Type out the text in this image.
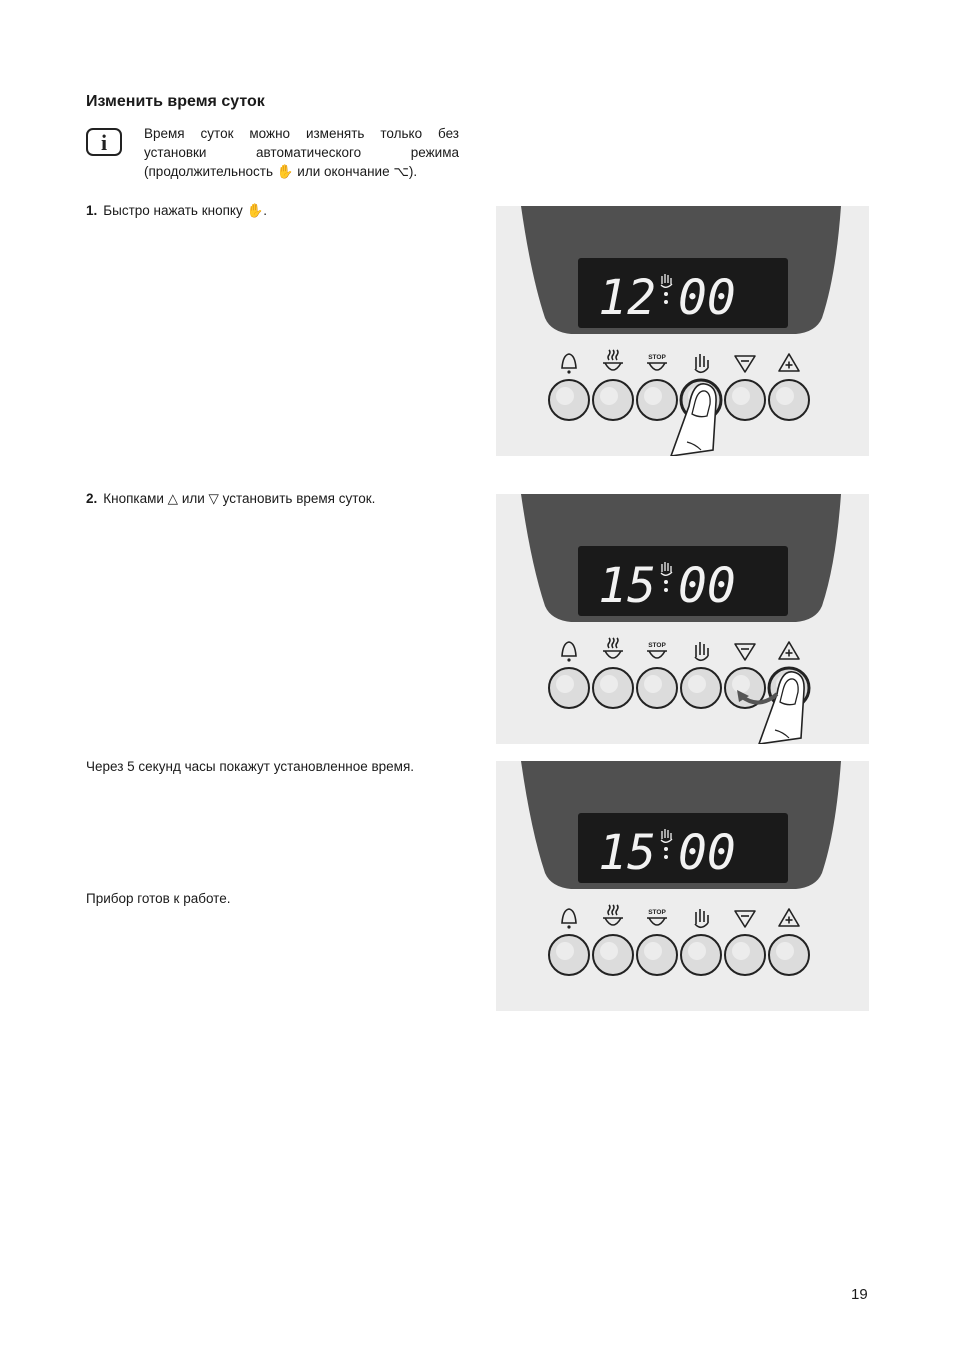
Изменить время суток
i	Время суток можно изменять только без
установки автоматического режима
(продолжительность ✋ или окончание ⌥).
1. Быстро нажать кнопку ✋.
2. Кнопками △ или ▽ установить время суток.
Через 5 секунд часы покажут установленное время.
Прибор готов к работе.
12 00
STOP
15 00
STOP
15 00
STOP
19
